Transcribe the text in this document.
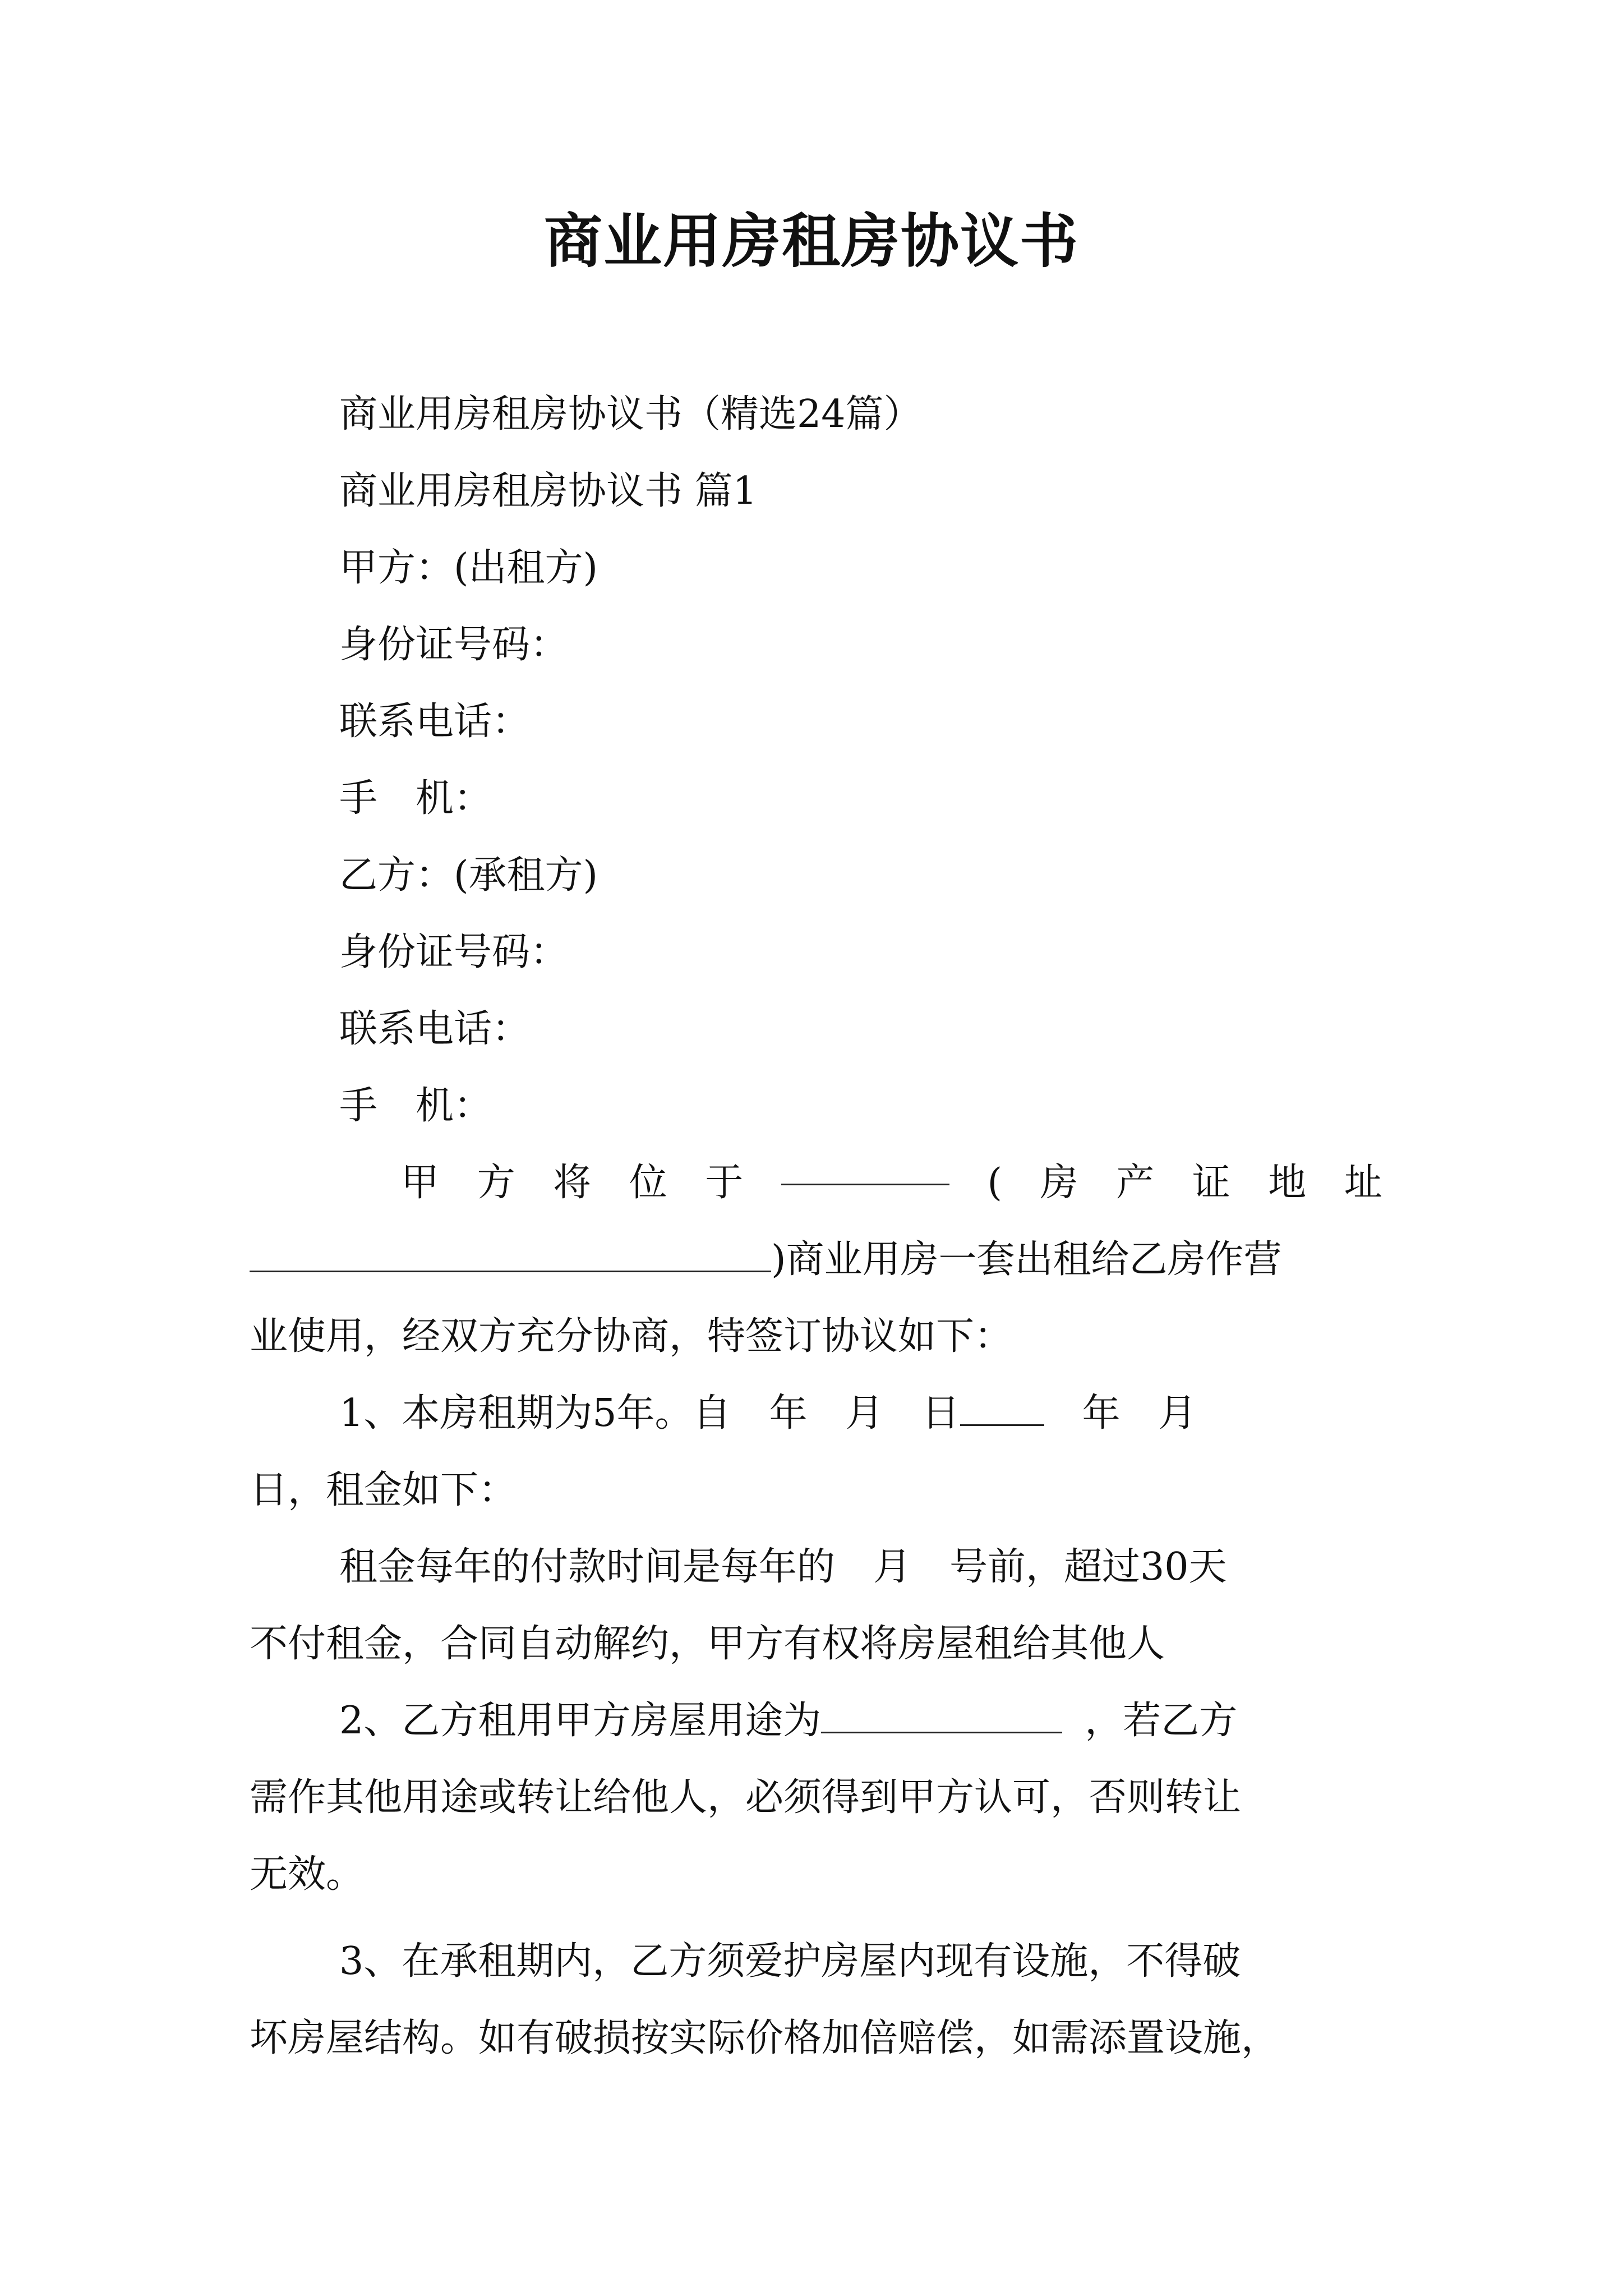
商业用房租房协议书
商业用房租房协议书（精选24篇）
商业用房租房协议书 篇1
甲方：(出租方)
身份证号码：
联系电话：
手　机：
乙方：(承租方)
身份证号码：
联系电话：
手　机：
甲 方 将 位 于	( 房 产 证 地 址
)商业用房一套出租给乙房作营
业使用，经双方充分协商，特签订协议如下：
1、本房租期为5年。自　年　月　日　年　月
日，租金如下：
租金每年的付款时间是每年的　月　号前，超过30天
不付租金，合同自动解约，甲方有权将房屋租给其他人
2、乙方租用甲方房屋用途为	，若乙方
需作其他用途或转让给他人，必须得到甲方认可，否则转让
无效。
3、在承租期内，乙方须爱护房屋内现有设施，不得破
坏房屋结构。如有破损按实际价格加倍赔偿，如需添置设施，
